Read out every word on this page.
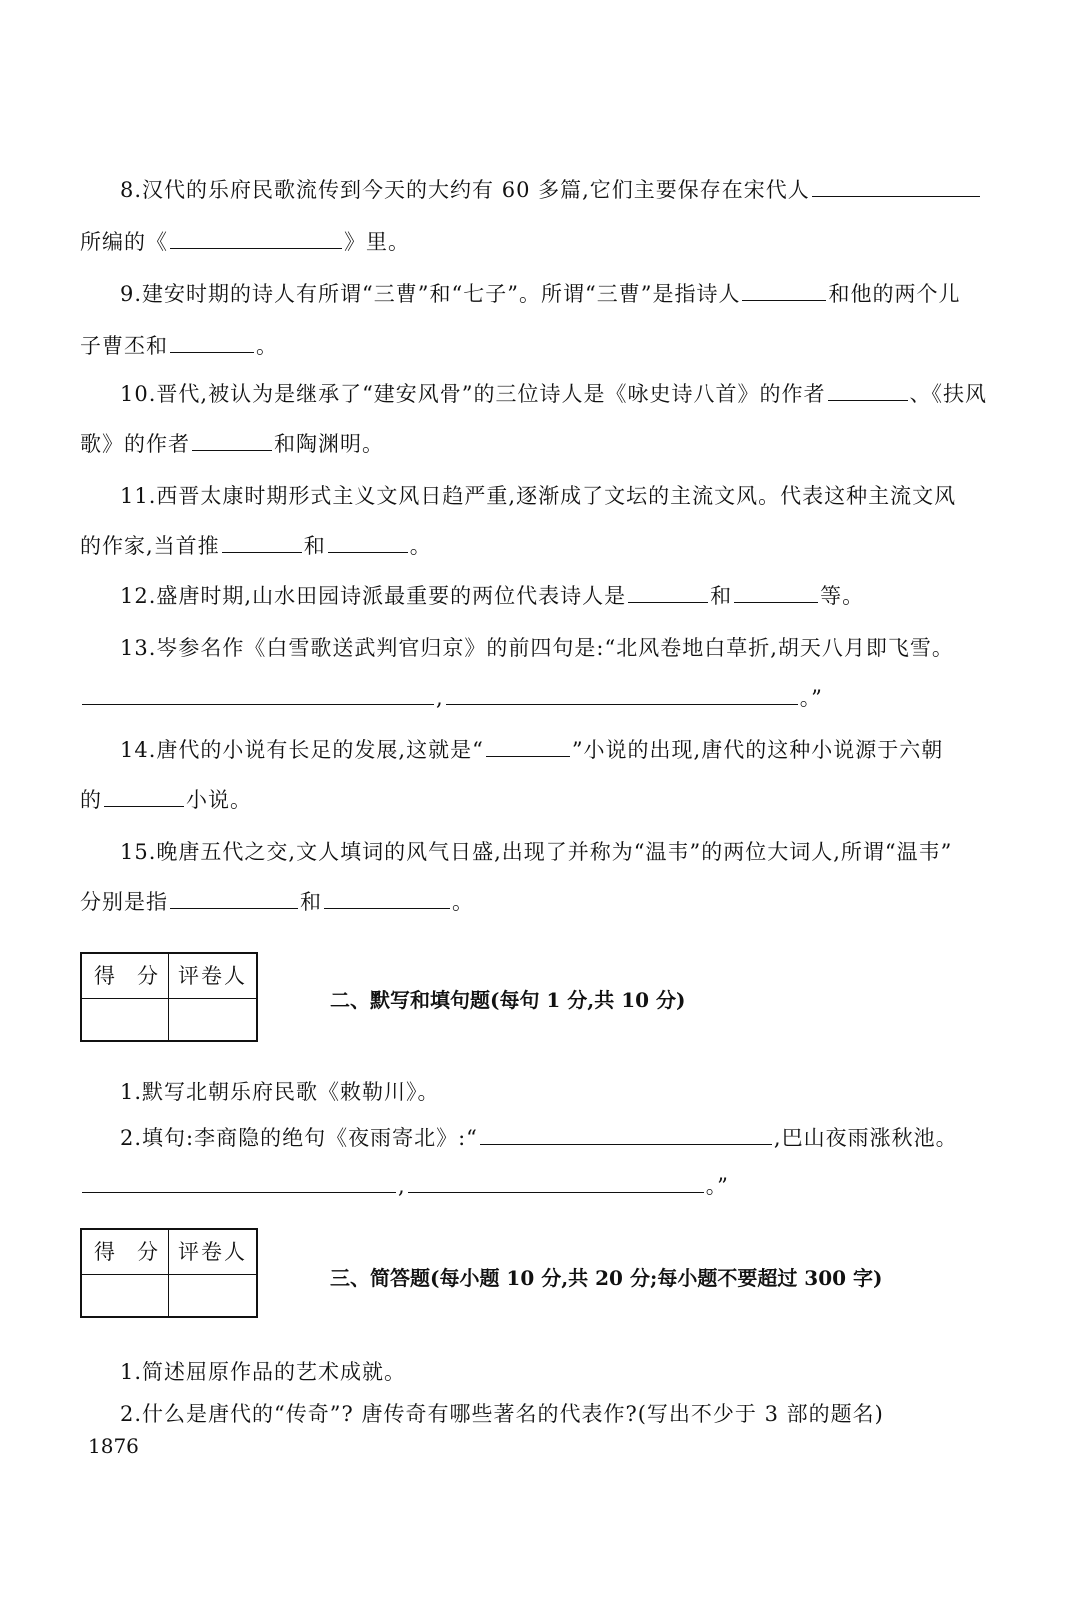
8.汉代的乐府民歌流传到今天的大约有 60 多篇,它们主要保存在宋代人
所编的《	》里。
9.建安时期的诗人有所谓“三曹”和“七子”。所谓“三曹”是指诗人	和他的两个儿
子曹丕和	。
10.晋代,被认为是继承了“建安风骨”的三位诗人是《咏史诗八首》的作者	、《扶风
歌》的作者	和陶渊明。
11.西晋太康时期形式主义文风日趋严重,逐渐成了文坛的主流文风。代表这种主流文风
的作家,当首推	和	。
12.盛唐时期,山水田园诗派最重要的两位代表诗人是	和	等。
13.岑参名作《白雪歌送武判官归京》的前四句是:“北风卷地白草折,胡天八月即飞雪。
,	。”
14.唐代的小说有长足的发展,这就是“	”小说的出现,唐代的这种小说源于六朝
的	小说。
15.晚唐五代之交,文人填词的风气日盛,出现了并称为“温韦”的两位大词人,所谓“温韦”
分别是指	和	。
得 分 评卷人
二、默写和填句题(每句 1 分,共 10 分)
1.默写北朝乐府民歌《敕勒川》。
2.填句:李商隐的绝句《夜雨寄北》:“	,巴山夜雨涨秋池。
,	。”
得 分 评卷人
三、简答题(每小题 10 分,共 20 分;每小题不要超过 300 字)
1.简述屈原作品的艺术成就。
2.什么是唐代的“传奇”? 唐传奇有哪些著名的代表作?(写出不少于 3 部的题名)
1876
